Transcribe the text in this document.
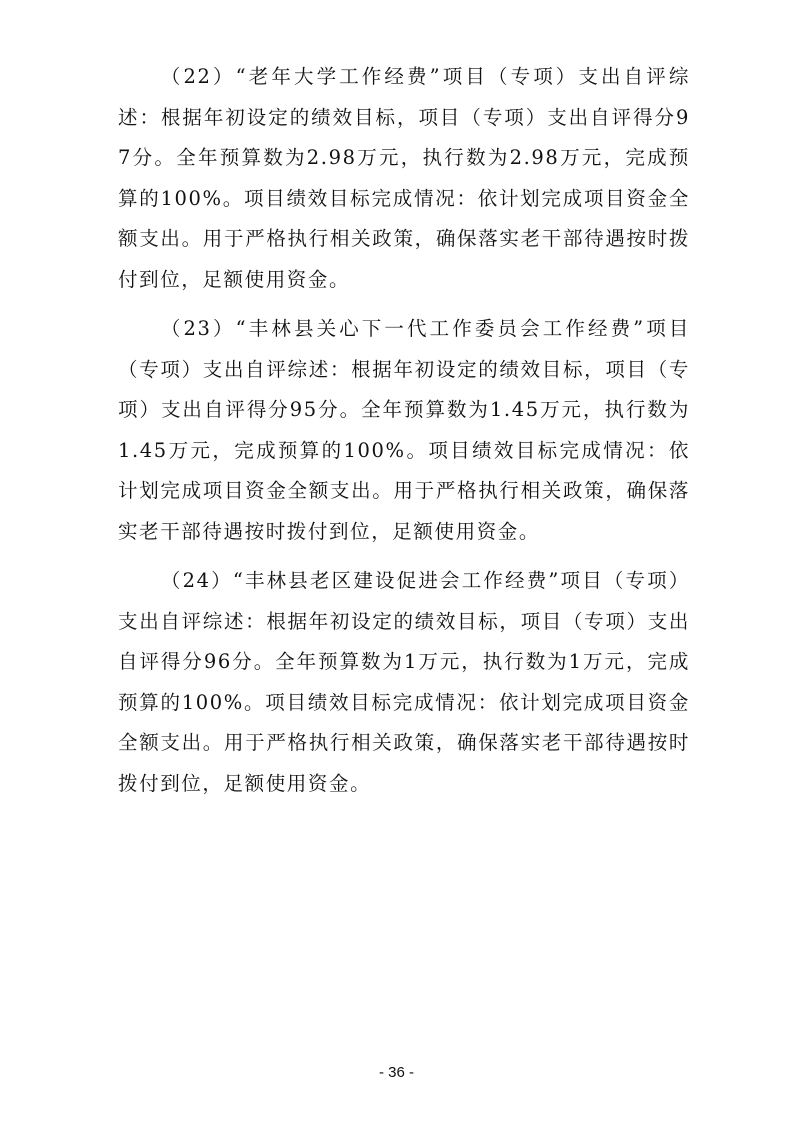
（22）“老年大学工作经费”项目（专项）支出自评综述：根据年初设定的绩效目标，项目（专项）支出自评得分97分。全年预算数为2.98万元，执行数为2.98万元，完成预算的100%。项目绩效目标完成情况：依计划完成项目资金全额支出。用于严格执行相关政策，确保落实老干部待遇按时拨付到位，足额使用资金。

（23）“丰林县关心下一代工作委员会工作经费”项目（专项）支出自评综述：根据年初设定的绩效目标，项目（专项）支出自评得分95分。全年预算数为1.45万元，执行数为1.45万元，完成预算的100%。项目绩效目标完成情况：依计划完成项目资金全额支出。用于严格执行相关政策，确保落实老干部待遇按时拨付到位，足额使用资金。

（24）“丰林县老区建设促进会工作经费”项目（专项）支出自评综述：根据年初设定的绩效目标，项目（专项）支出自评得分96分。全年预算数为1万元，执行数为1万元，完成预算的100%。项目绩效目标完成情况：依计划完成项目资金全额支出。用于严格执行相关政策，确保落实老干部待遇按时拨付到位，足额使用资金。

- 36 -
